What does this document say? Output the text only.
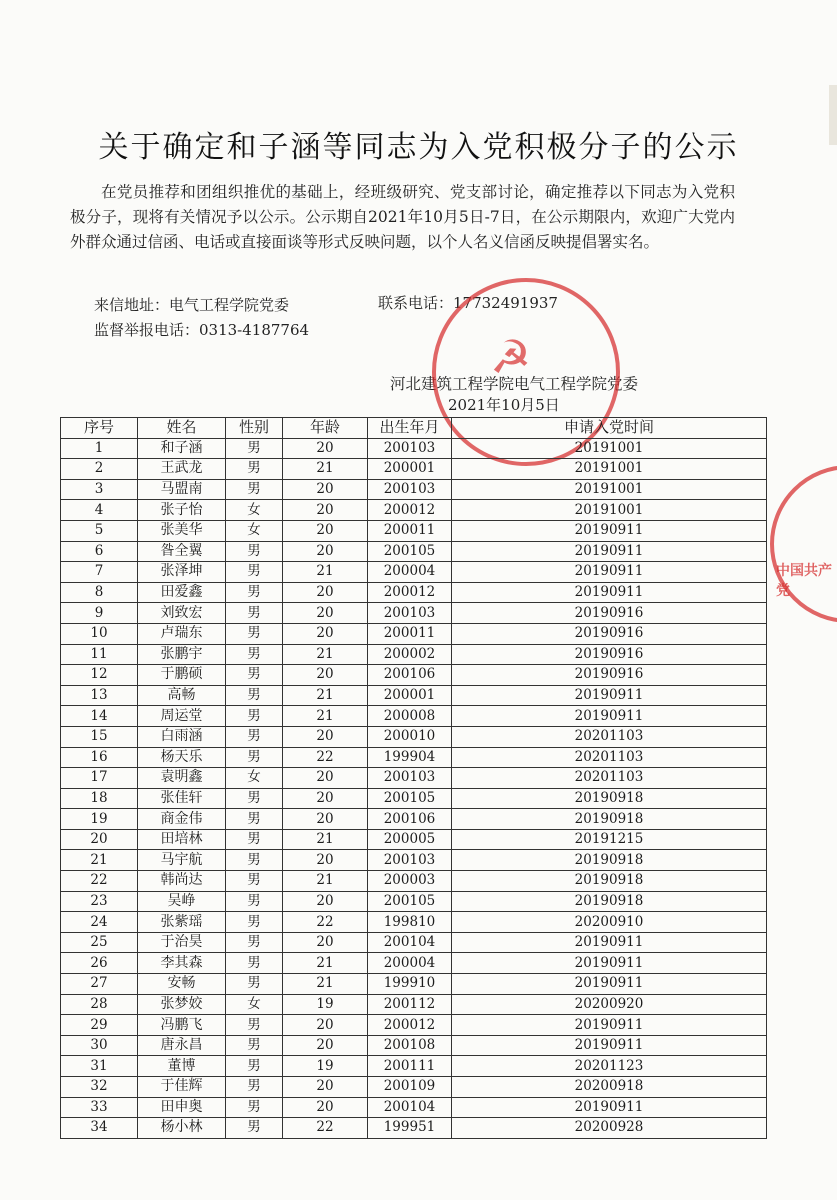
关于确定和子涵等同志为入党积极分子的公示
在党员推荐和团组织推优的基础上，经班级研究、党支部讨论，确定推荐以下同志为入党积极分子，现将有关情况予以公示。公示期自2021年10月5日-7日，在公示期限内，欢迎广大党内外群众通过信函、电话或直接面谈等形式反映问题，以个人名义信函反映提倡署实名。
来信地址：电气工程学院党委	联系电话：17732491937
监督举报电话：0313-4187764
河北建筑工程学院电气工程学院党委
2021年10月5日
☭
中国共产党
序号	姓名	性别	年龄	出生年月	申请入党时间
1	和子涵	男	20	200103	20191001
2	王武龙	男	21	200001	20191001
3	马盟南	男	20	200103	20191001
4	张子怡	女	20	200012	20191001
5	张美华	女	20	200011	20190911
6	昝全翼	男	20	200105	20190911
7	张泽坤	男	21	200004	20190911
8	田爱鑫	男	20	200012	20190911
9	刘致宏	男	20	200103	20190916
10	卢瑞东	男	20	200011	20190916
11	张鹏宇	男	21	200002	20190916
12	于鹏硕	男	20	200106	20190916
13	高畅	男	21	200001	20190911
14	周运堂	男	21	200008	20190911
15	白雨涵	男	20	200010	20201103
16	杨天乐	男	22	199904	20201103
17	袁明鑫	女	20	200103	20201103
18	张佳轩	男	20	200105	20190918
19	商金伟	男	20	200106	20190918
20	田培林	男	21	200005	20191215
21	马宇航	男	20	200103	20190918
22	韩尚达	男	21	200003	20190918
23	吴峥	男	20	200105	20190918
24	张紫瑶	男	22	199810	20200910
25	于治昊	男	20	200104	20190911
26	李其森	男	21	200004	20190911
27	安畅	男	21	199910	20190911
28	张梦姣	女	19	200112	20200920
29	冯鹏飞	男	20	200012	20190911
30	唐永昌	男	20	200108	20190911
31	董博	男	19	200111	20201123
32	于佳辉	男	20	200109	20200918
33	田申奥	男	20	200104	20190911
34	杨小林	男	22	199951	20200928
